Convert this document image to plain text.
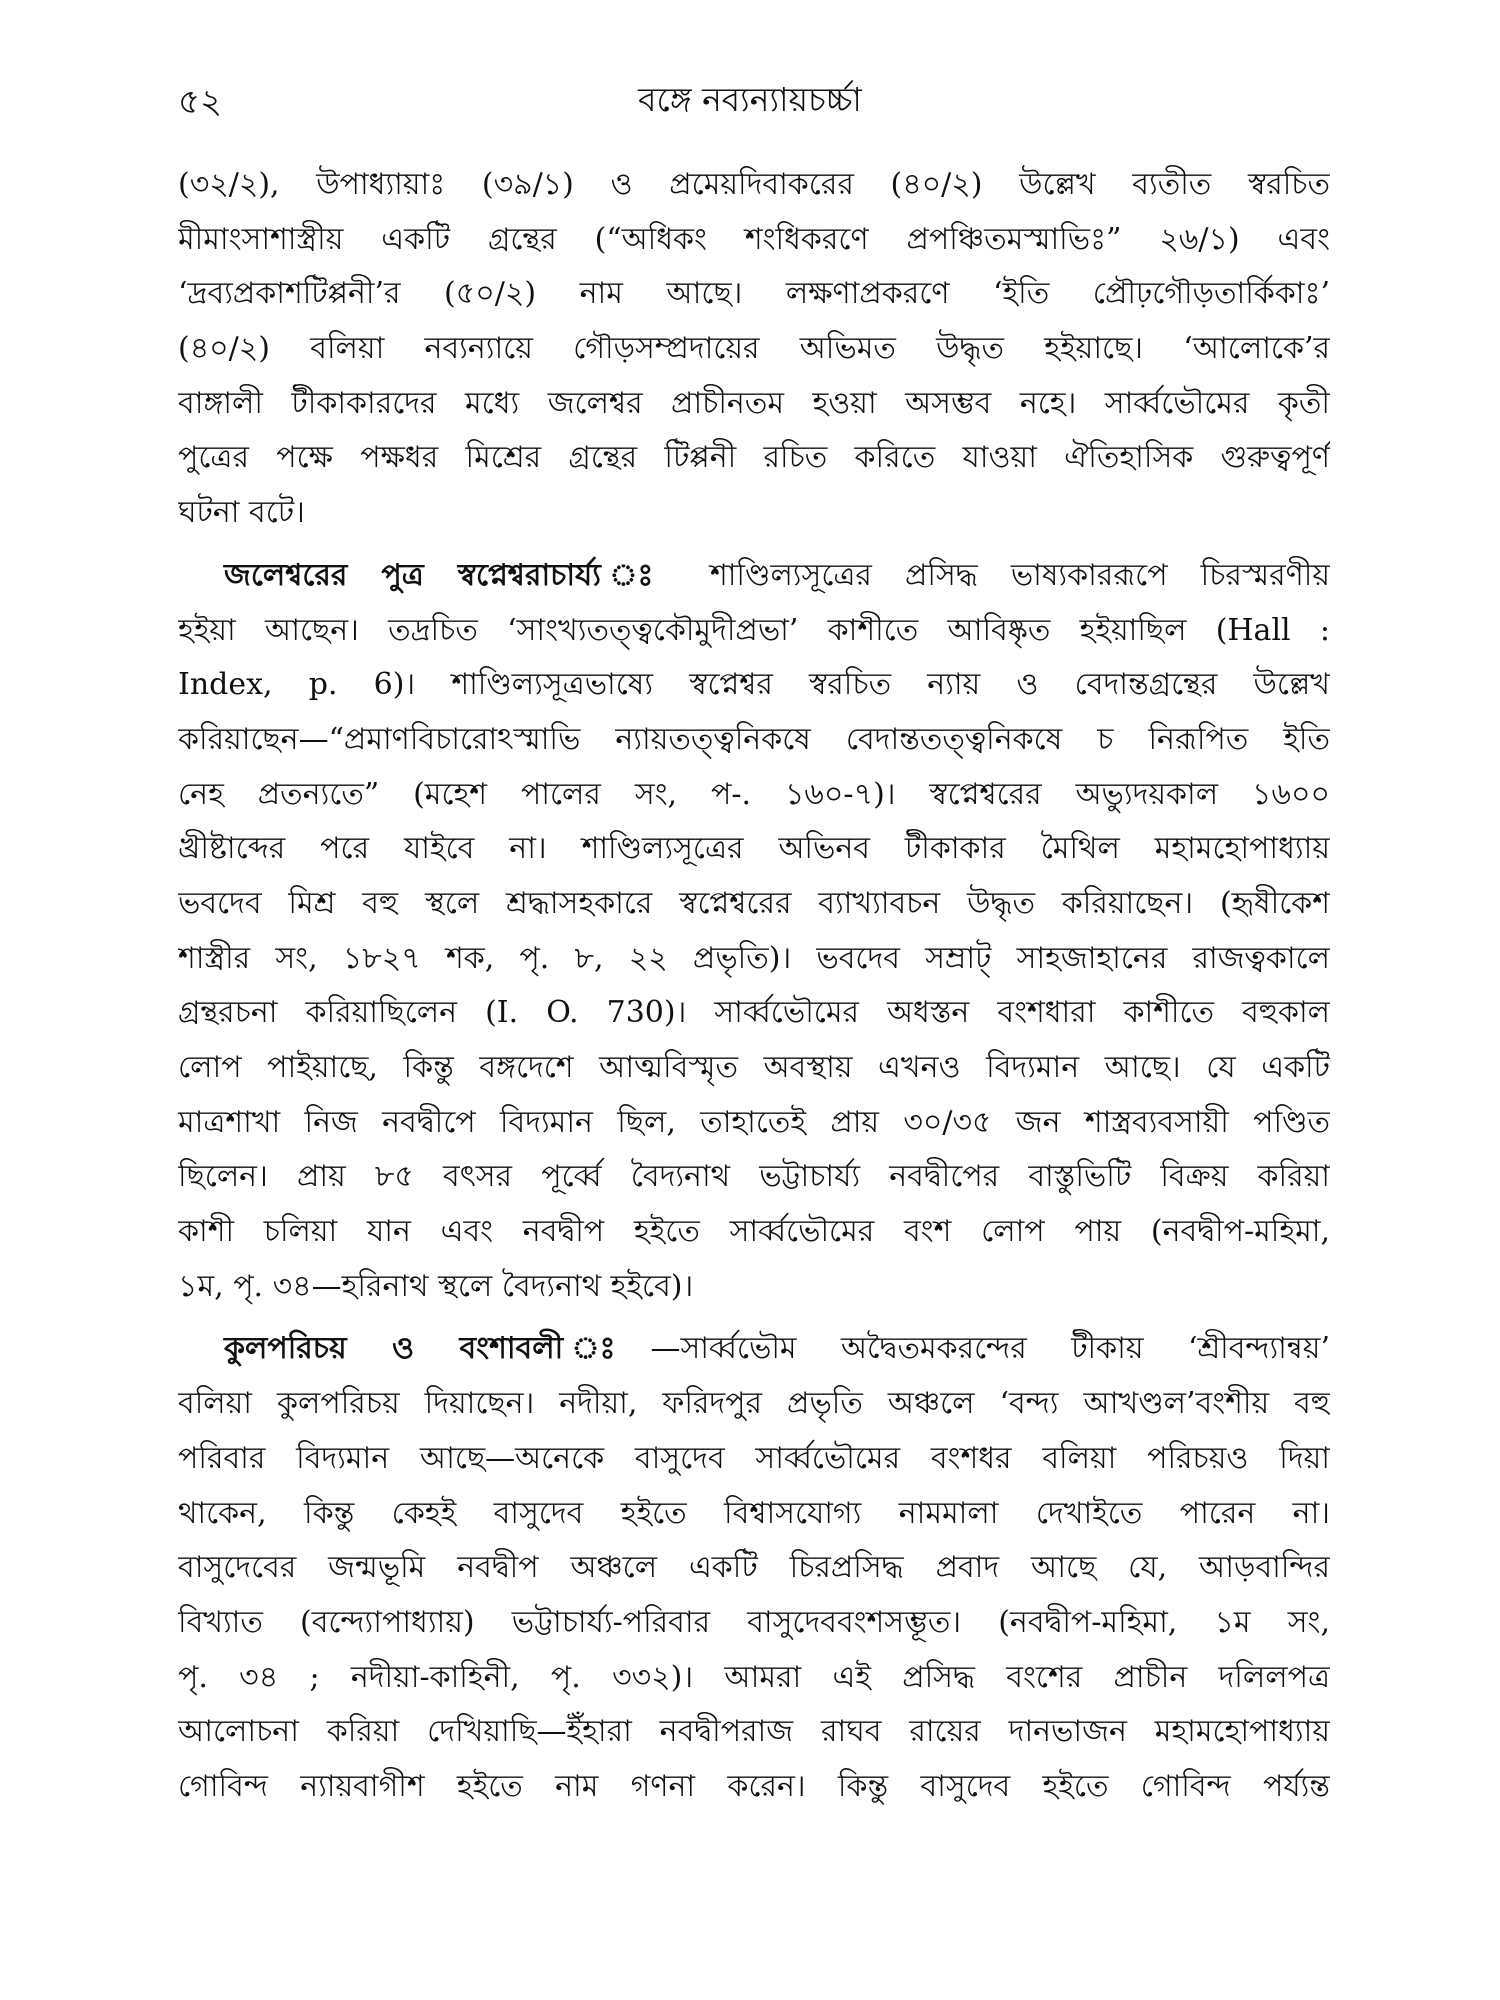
৫২	বঙ্গে নব্যন্যায়চর্চ্চা
(৩২/২), উপাধ্যায়াঃ (৩৯/১) ও প্রমেয়দিবাকরের (৪০/২) উল্লেখ ব্যতীত স্বরচিত
মীমাংসাশাস্ত্রীয় একটি গ্রন্থের (“অধিকং শংধিকরণে প্রপঞ্চিতমস্মাভিঃ” ২৬/১) এবং
‘দ্রব্যপ্রকাশটিপ্পনী’র (৫০/২) নাম আছে। লক্ষণাপ্রকরণে ‘ইতি প্রৌঢ়গৌড়তার্কিকাঃ’
(৪০/২) বলিয়া নব্যন্যায়ে গৌড়সম্প্রদায়ের অভিমত উদ্ধৃত হইয়াছে। ‘আলোকে’র
বাঙ্গালী টীকাকারদের মধ্যে জলেশ্বর প্রাচীনতম হওয়া অসম্ভব নহে। সার্ব্বভৌমের কৃতী
পুত্রের পক্ষে পক্ষধর মিশ্রের গ্রন্থের টিপ্পনী রচিত করিতে যাওয়া ঐতিহাসিক গুরুত্বপূর্ণ
ঘটনা বটে।
জলেশ্বরের পুত্র স্বপ্নেশ্বরাচার্য্য ঃ শাণ্ডিল্যসূত্রের প্রসিদ্ধ ভাষ্যকাররূপে চিরস্মরণীয়
হইয়া আছেন। তদ্রচিত ‘সাংখ্যতত্ত্বকৌমুদীপ্রভা’ কাশীতে আবিষ্কৃত হইয়াছিল (Hall :
Index, p. 6)। শাণ্ডিল্যসূত্রভাষ্যে স্বপ্নেশ্বর স্বরচিত ন্যায় ও বেদান্তগ্রন্থের উল্লেখ
করিয়াছেন—“প্রমাণবিচারোঽস্মাভি ন্যায়তত্ত্বনিকষে বেদান্ততত্ত্বনিকষে চ নিরূপিত ইতি
নেহ প্রতন্যতে” (মহেশ পালের সং, প-. ১৬০-৭)। স্বপ্নেশ্বরের অভ্যুদয়কাল ১৬০০
খ্রীষ্টাব্দের পরে যাইবে না। শাণ্ডিল্যসূত্রের অভিনব টীকাকার মৈথিল মহামহোপাধ্যায়
ভবদেব মিশ্র বহু স্থলে শ্রদ্ধাসহকারে স্বপ্নেশ্বরের ব্যাখ্যাবচন উদ্ধৃত করিয়াছেন। (হৃষীকেশ
শাস্ত্রীর সং, ১৮২৭ শক, পৃ. ৮, ২২ প্রভৃতি)। ভবদেব সম্রাট্ সাহজাহানের রাজত্বকালে
গ্রন্থরচনা করিয়াছিলেন (I. O. 730)। সার্ব্বভৌমের অধস্তন বংশধারা কাশীতে বহুকাল
লোপ পাইয়াছে, কিন্তু বঙ্গদেশে আত্মবিস্মৃত অবস্থায় এখনও বিদ্যমান আছে। যে একটি
মাত্রশাখা নিজ নবদ্বীপে বিদ্যমান ছিল, তাহাতেই প্রায় ৩০/৩৫ জন শাস্ত্রব্যবসায়ী পণ্ডিত
ছিলেন। প্রায় ৮৫ বৎসর পূর্ব্বে বৈদ্যনাথ ভট্টাচার্য্য নবদ্বীপের বাস্তুভিটি বিক্রয় করিয়া
কাশী চলিয়া যান এবং নবদ্বীপ হইতে সার্ব্বভৌমের বংশ লোপ পায় (নবদ্বীপ-মহিমা,
১ম, পৃ. ৩৪—হরিনাথ স্থলে বৈদ্যনাথ হইবে)।
কুলপরিচয় ও বংশাবলী ঃ—সার্ব্বভৌম অদ্বৈতমকরন্দের টীকায় ‘শ্রীবন্দ্যান্বয়’
বলিয়া কুলপরিচয় দিয়াছেন। নদীয়া, ফরিদপুর প্রভৃতি অঞ্চলে ‘বন্দ্য আখণ্ডল’বংশীয় বহু
পরিবার বিদ্যমান আছে—অনেকে বাসুদেব সার্ব্বভৌমের বংশধর বলিয়া পরিচয়ও দিয়া
থাকেন, কিন্তু কেহই বাসুদেব হইতে বিশ্বাসযোগ্য নামমালা দেখাইতে পারেন না।
বাসুদেবের জন্মভূমি নবদ্বীপ অঞ্চলে একটি চিরপ্রসিদ্ধ প্রবাদ আছে যে, আড়বান্দির
বিখ্যাত (বন্দ্যোপাধ্যায়) ভট্টাচার্য্য-পরিবার বাসুদেববংশসম্ভূত। (নবদ্বীপ-মহিমা, ১ম সং,
পৃ. ৩৪ ; নদীয়া-কাহিনী, পৃ. ৩৩২)। আমরা এই প্রসিদ্ধ বংশের প্রাচীন দলিলপত্র
আলোচনা করিয়া দেখিয়াছি—ইঁহারা নবদ্বীপরাজ রাঘব রায়ের দানভাজন মহামহোপাধ্যায়
গোবিন্দ ন্যায়বাগীশ হইতে নাম গণনা করেন। কিন্তু বাসুদেব হইতে গোবিন্দ পর্য্যন্ত
